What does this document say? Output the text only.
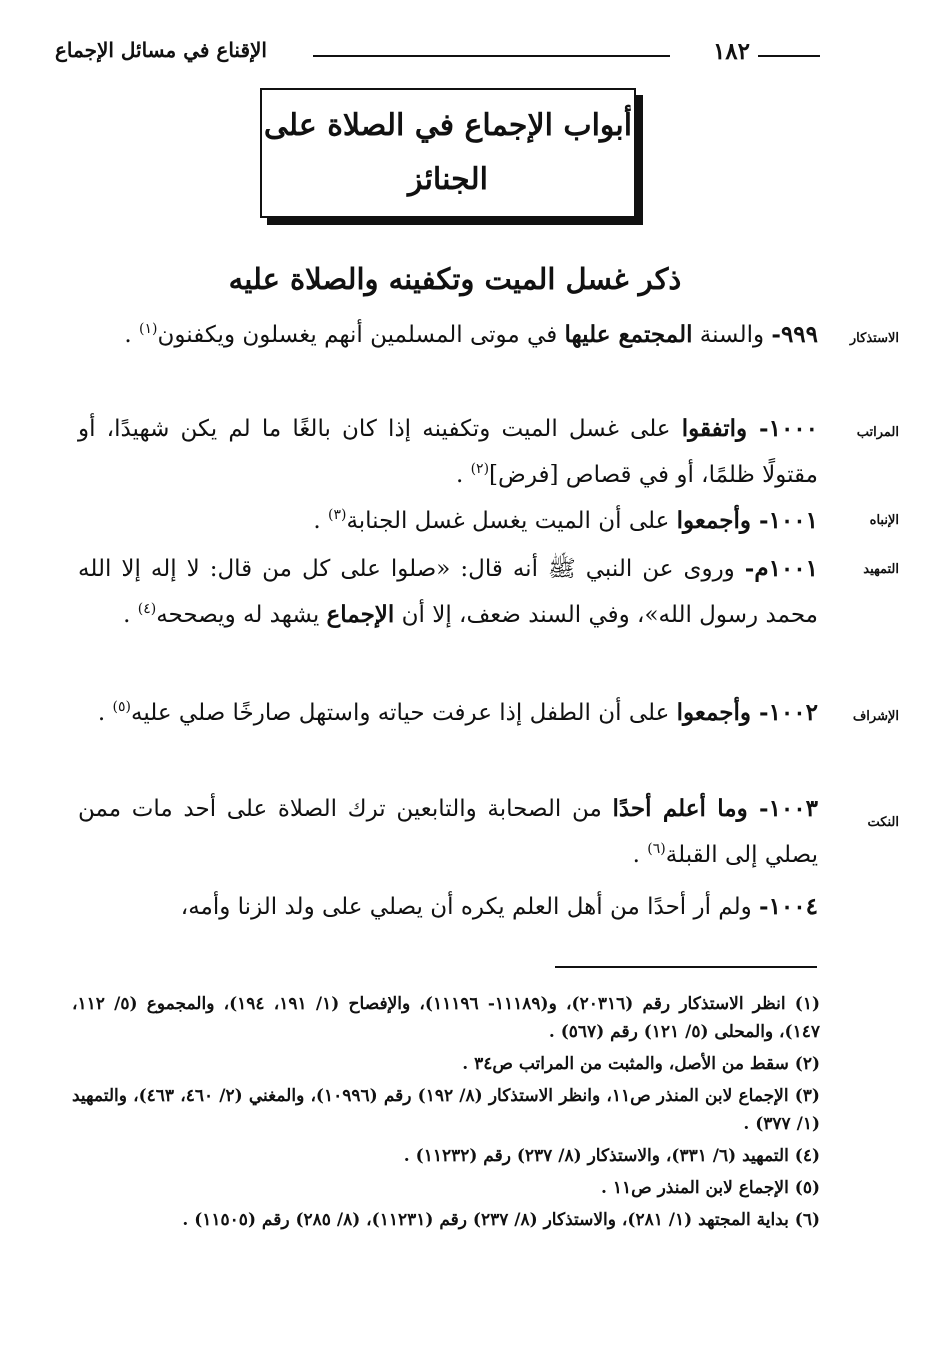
١٨٢
الإقناع في مسائل الإجماع
أبواب الإجماع في الصلاة على
الجنائز
ذكر غسل الميت وتكفينه والصلاة عليه
الاستذكار
٩٩٩- والسنة المجتمع عليها في موتى المسلمين أنهم يغسلون ويكفنون$^{(١)}$ .
المراتب
١٠٠٠- واتفقوا على غسل الميت وتكفينه إذا كان بالغًا ما لم يكن شهيدًا، أو مقتولًا ظلمًا، أو في قصاص [فرض]$^{(٢)}$ .
الإنباه
١٠٠١- وأجمعوا على أن الميت يغسل غسل الجنابة$^{(٣)}$ .
التمهيد
١٠٠١م- وروى عن النبي ﷺ أنه قال: «صلوا على كل من قال: لا إله إلا الله محمد رسول الله»، وفي السند ضعف، إلا أن الإجماع يشهد له ويصححه$^{(٤)}$ .
الإشراف
١٠٠٢- وأجمعوا على أن الطفل إذا عرفت حياته واستهل صارخًا صلي عليه$^{(٥)}$ .
النكت
١٠٠٣- وما أعلم أحدًا من الصحابة والتابعين ترك الصلاة على أحد مات ممن يصلي إلى القبلة$^{(٦)}$ .
١٠٠٤- ولم أر أحدًا من أهل العلم يكره أن يصلي على ولد الزنا وأمه،
(١) انظر الاستذكار رقم (٢٠٣١٦)، و(١١١٨٩- ١١١٩٦)، والإفصاح (١/ ١٩١، ١٩٤)، والمجموع (٥/ ١١٢، ١٤٧)، والمحلى (٥/ ١٢١) رقم (٥٦٧) .
(٢) سقط من الأصل، والمثبت من المراتب ص٣٤ .
(٣) الإجماع لابن المنذر ص١١، وانظر الاستذكار (٨/ ١٩٢) رقم (١٠٩٩٦)، والمغني (٢/ ٤٦٠، ٤٦٣)، والتمهيد (١/ ٣٧٧) .
(٤) التمهيد (٦/ ٣٣١)، والاستذكار (٨/ ٢٣٧) رقم (١١٢٣٢) .
(٥) الإجماع لابن المنذر ص١١ .
(٦) بداية المجتهد (١/ ٢٨١)، والاستذكار (٨/ ٢٣٧) رقم (١١٢٣١)، (٨/ ٢٨٥) رقم (١١٥٠٥) .
